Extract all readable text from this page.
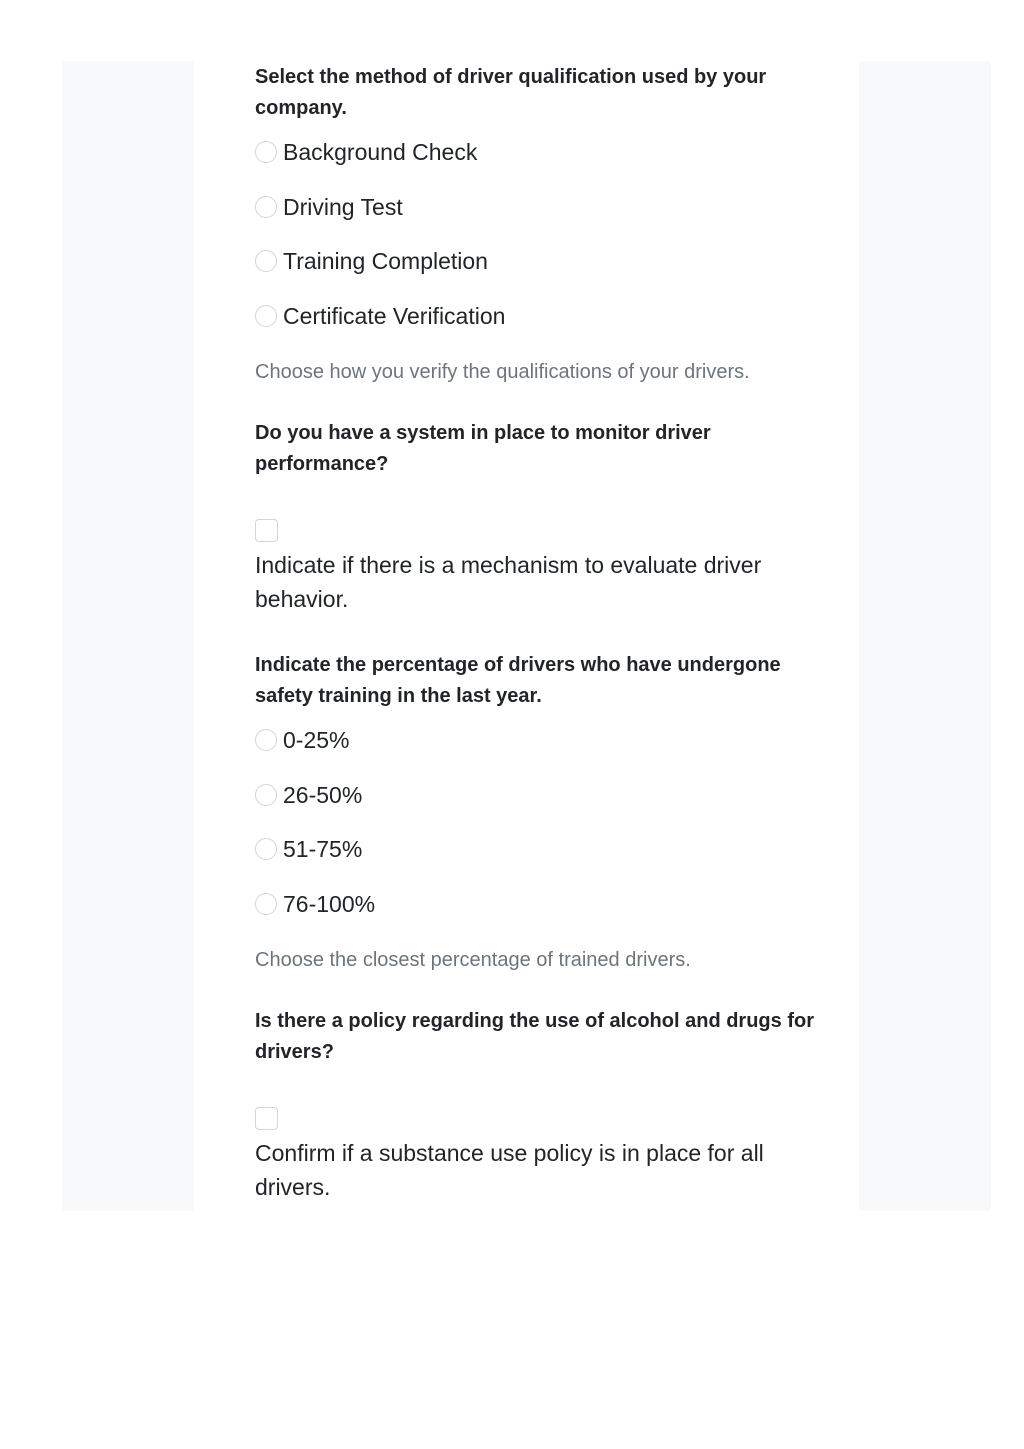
Select the method of driver qualification used by your company.

Background Check
Driving Test
Training Completion
Certificate Verification
Choose how you verify the qualifications of your drivers.

Do you have a system in place to monitor driver performance?

Indicate if there is a mechanism to evaluate driver behavior.

Indicate the percentage of drivers who have undergone safety training in the last year.

0-25%
26-50%
51-75%
76-100%
Choose the closest percentage of trained drivers.

Is there a policy regarding the use of alcohol and drugs for drivers?

Confirm if a substance use policy is in place for all drivers.
